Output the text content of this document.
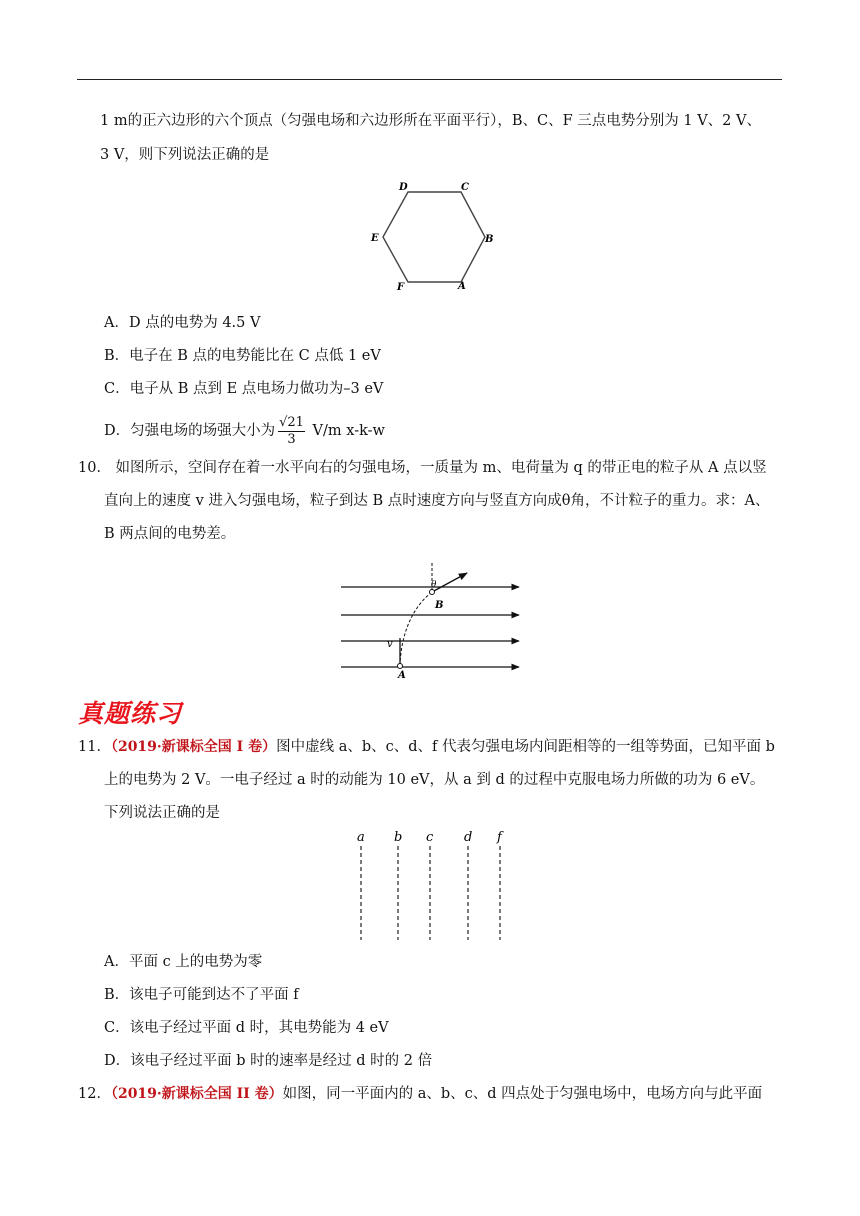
1 m的正六边形的六个顶点（匀强电场和六边形所在平面平行），B、C、F 三点电势分别为 1 V、2 V、
3 V，则下列说法正确的是
D	C
E	B
F	A
A．D 点的电势为 4.5 V
B．电子在 B 点的电势能比在 C 点低 1 eV
C．电子从 B 点到 E 点电场力做功为–3 eV
D．匀强电场的场强大小为 $\frac{√21}{3} V/m$ x-k-w
10． 如图所示，空间存在着一水平向右的匀强电场，一质量为 m、电荷量为 q 的带正电的粒子从 A 点以竖
直向上的速度 v 进入匀强电场，粒子到达 B 点时速度方向与竖直方向成θ角，不计粒子的重力。求：A、
B 两点间的电势差。
θ
B
v
A
真题练习
11．（2019·新课标全国 I 卷）图中虚线 a、b、c、d、f 代表匀强电场内间距相等的一组等势面，已知平面 b
上的电势为 2 V。一电子经过 a 时的动能为 10 eV，从 a 到 d 的过程中克服电场力所做的功为 6 eV。
下列说法正确的是
a b c d f
A．平面 c 上的电势为零
B．该电子可能到达不了平面 f
C．该电子经过平面 d 时，其电势能为 4 eV
D．该电子经过平面 b 时的速率是经过 d 时的 2 倍
12．（2019·新课标全国 II 卷）如图，同一平面内的 a、b、c、d 四点处于匀强电场中，电场方向与此平面
